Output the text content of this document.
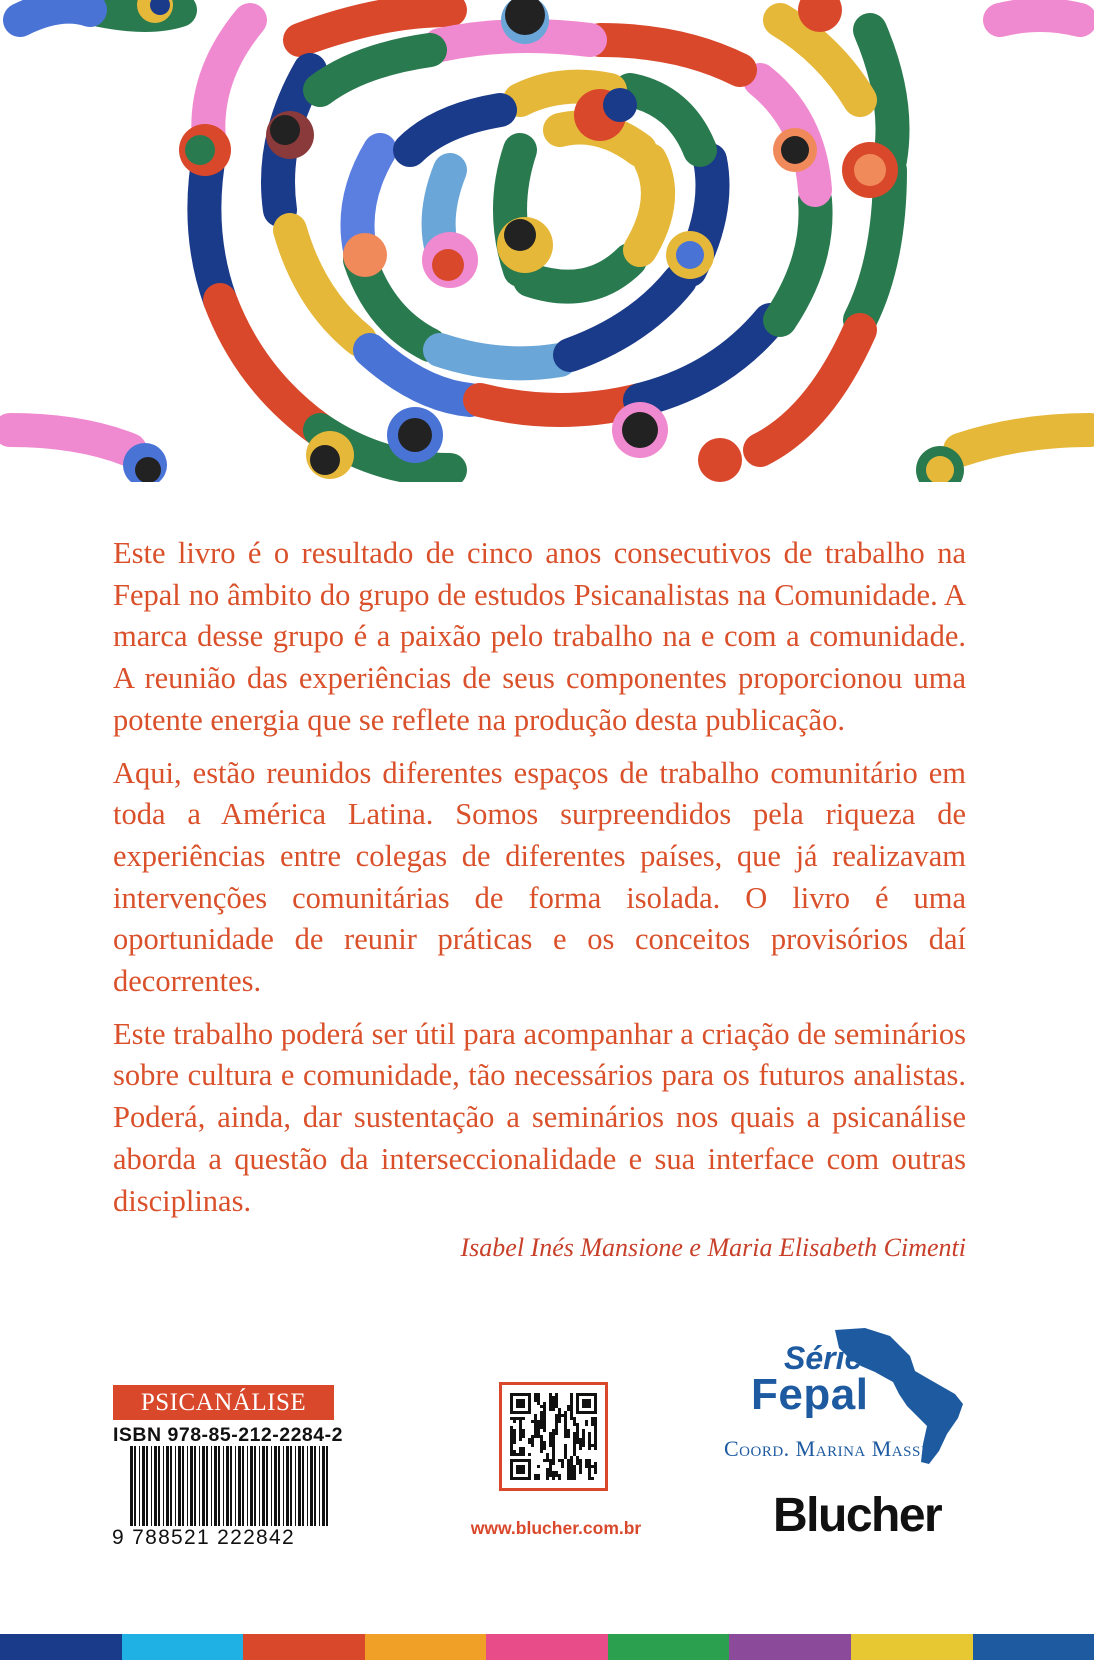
Este livro é o resultado de cinco anos consecutivos de trabalho na Fepal no âmbito do grupo de estudos Psicanalistas na Comunidade. A marca desse grupo é a paixão pelo trabalho na e com a comunidade. A reunião das experiências de seus componentes proporcionou uma potente energia que se reflete na produção desta publicação.

Aqui, estão reunidos diferentes espaços de trabalho comunitário em toda a América Latina. Somos surpreendidos pela riqueza de experiências entre colegas de diferentes países, que já realizavam intervenções comunitárias de forma isolada. O livro é uma oportunidade de reunir práticas e os conceitos provisórios daí decorrentes.

Este trabalho poderá ser útil para acompanhar a criação de seminários sobre cultura e comunidade, tão necessários para os futuros analistas. Poderá, ainda, dar sustentação a seminários nos quais a psicanálise aborda a questão da interseccionalidade e sua interface com outras disciplinas.

Isabel Inés Mansione e Maria Elisabeth Cimenti
PSICANÁLISE
ISBN 978-85-212-2284-2
9 788521 222842	www.blucher.com.br
Série
Fepal
Coord. Marina Massi
Blucher
